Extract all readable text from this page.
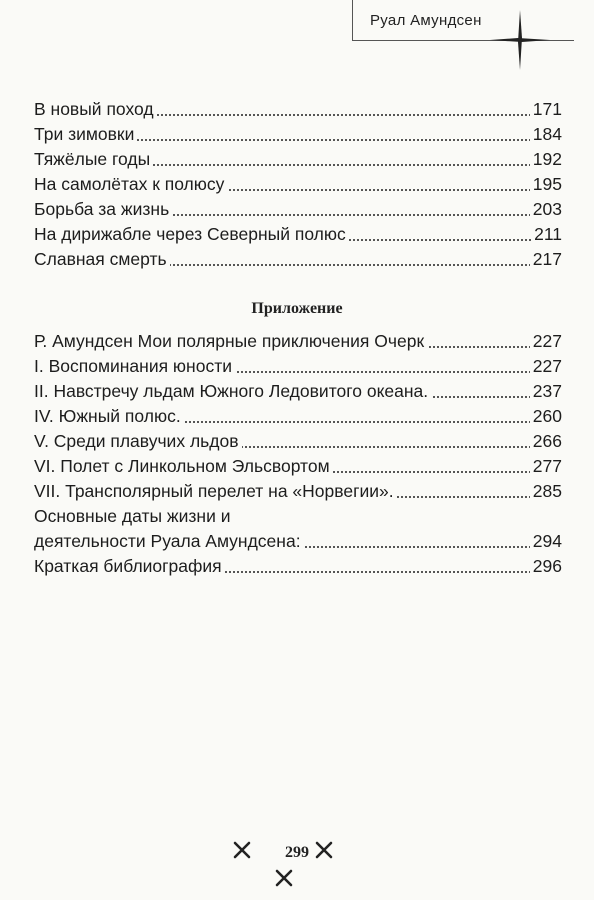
Руал Амундсен
В новый поход	171
Три зимовки	184
Тяжёлые годы	192
На самолётах к полюсу	195
Борьба за жизнь	203
На дирижабле через Северный полюс	211
Славная смерть	217
Приложение
Р. Амундсен Мои полярные приключения Очерк	227
I. Воспоминания юности	227
II. Навстречу льдам Южного Ледовитого океана.	237
IV. Южный полюс.	260
V. Среди плавучих льдов	266
VI. Полет с Линкольном Эльсвортом	277
VII. Трансполярный перелет на «Норвегии».	285
Основные даты жизни и
деятельности Руала Амундсена:	294
Краткая библиография	296
299
